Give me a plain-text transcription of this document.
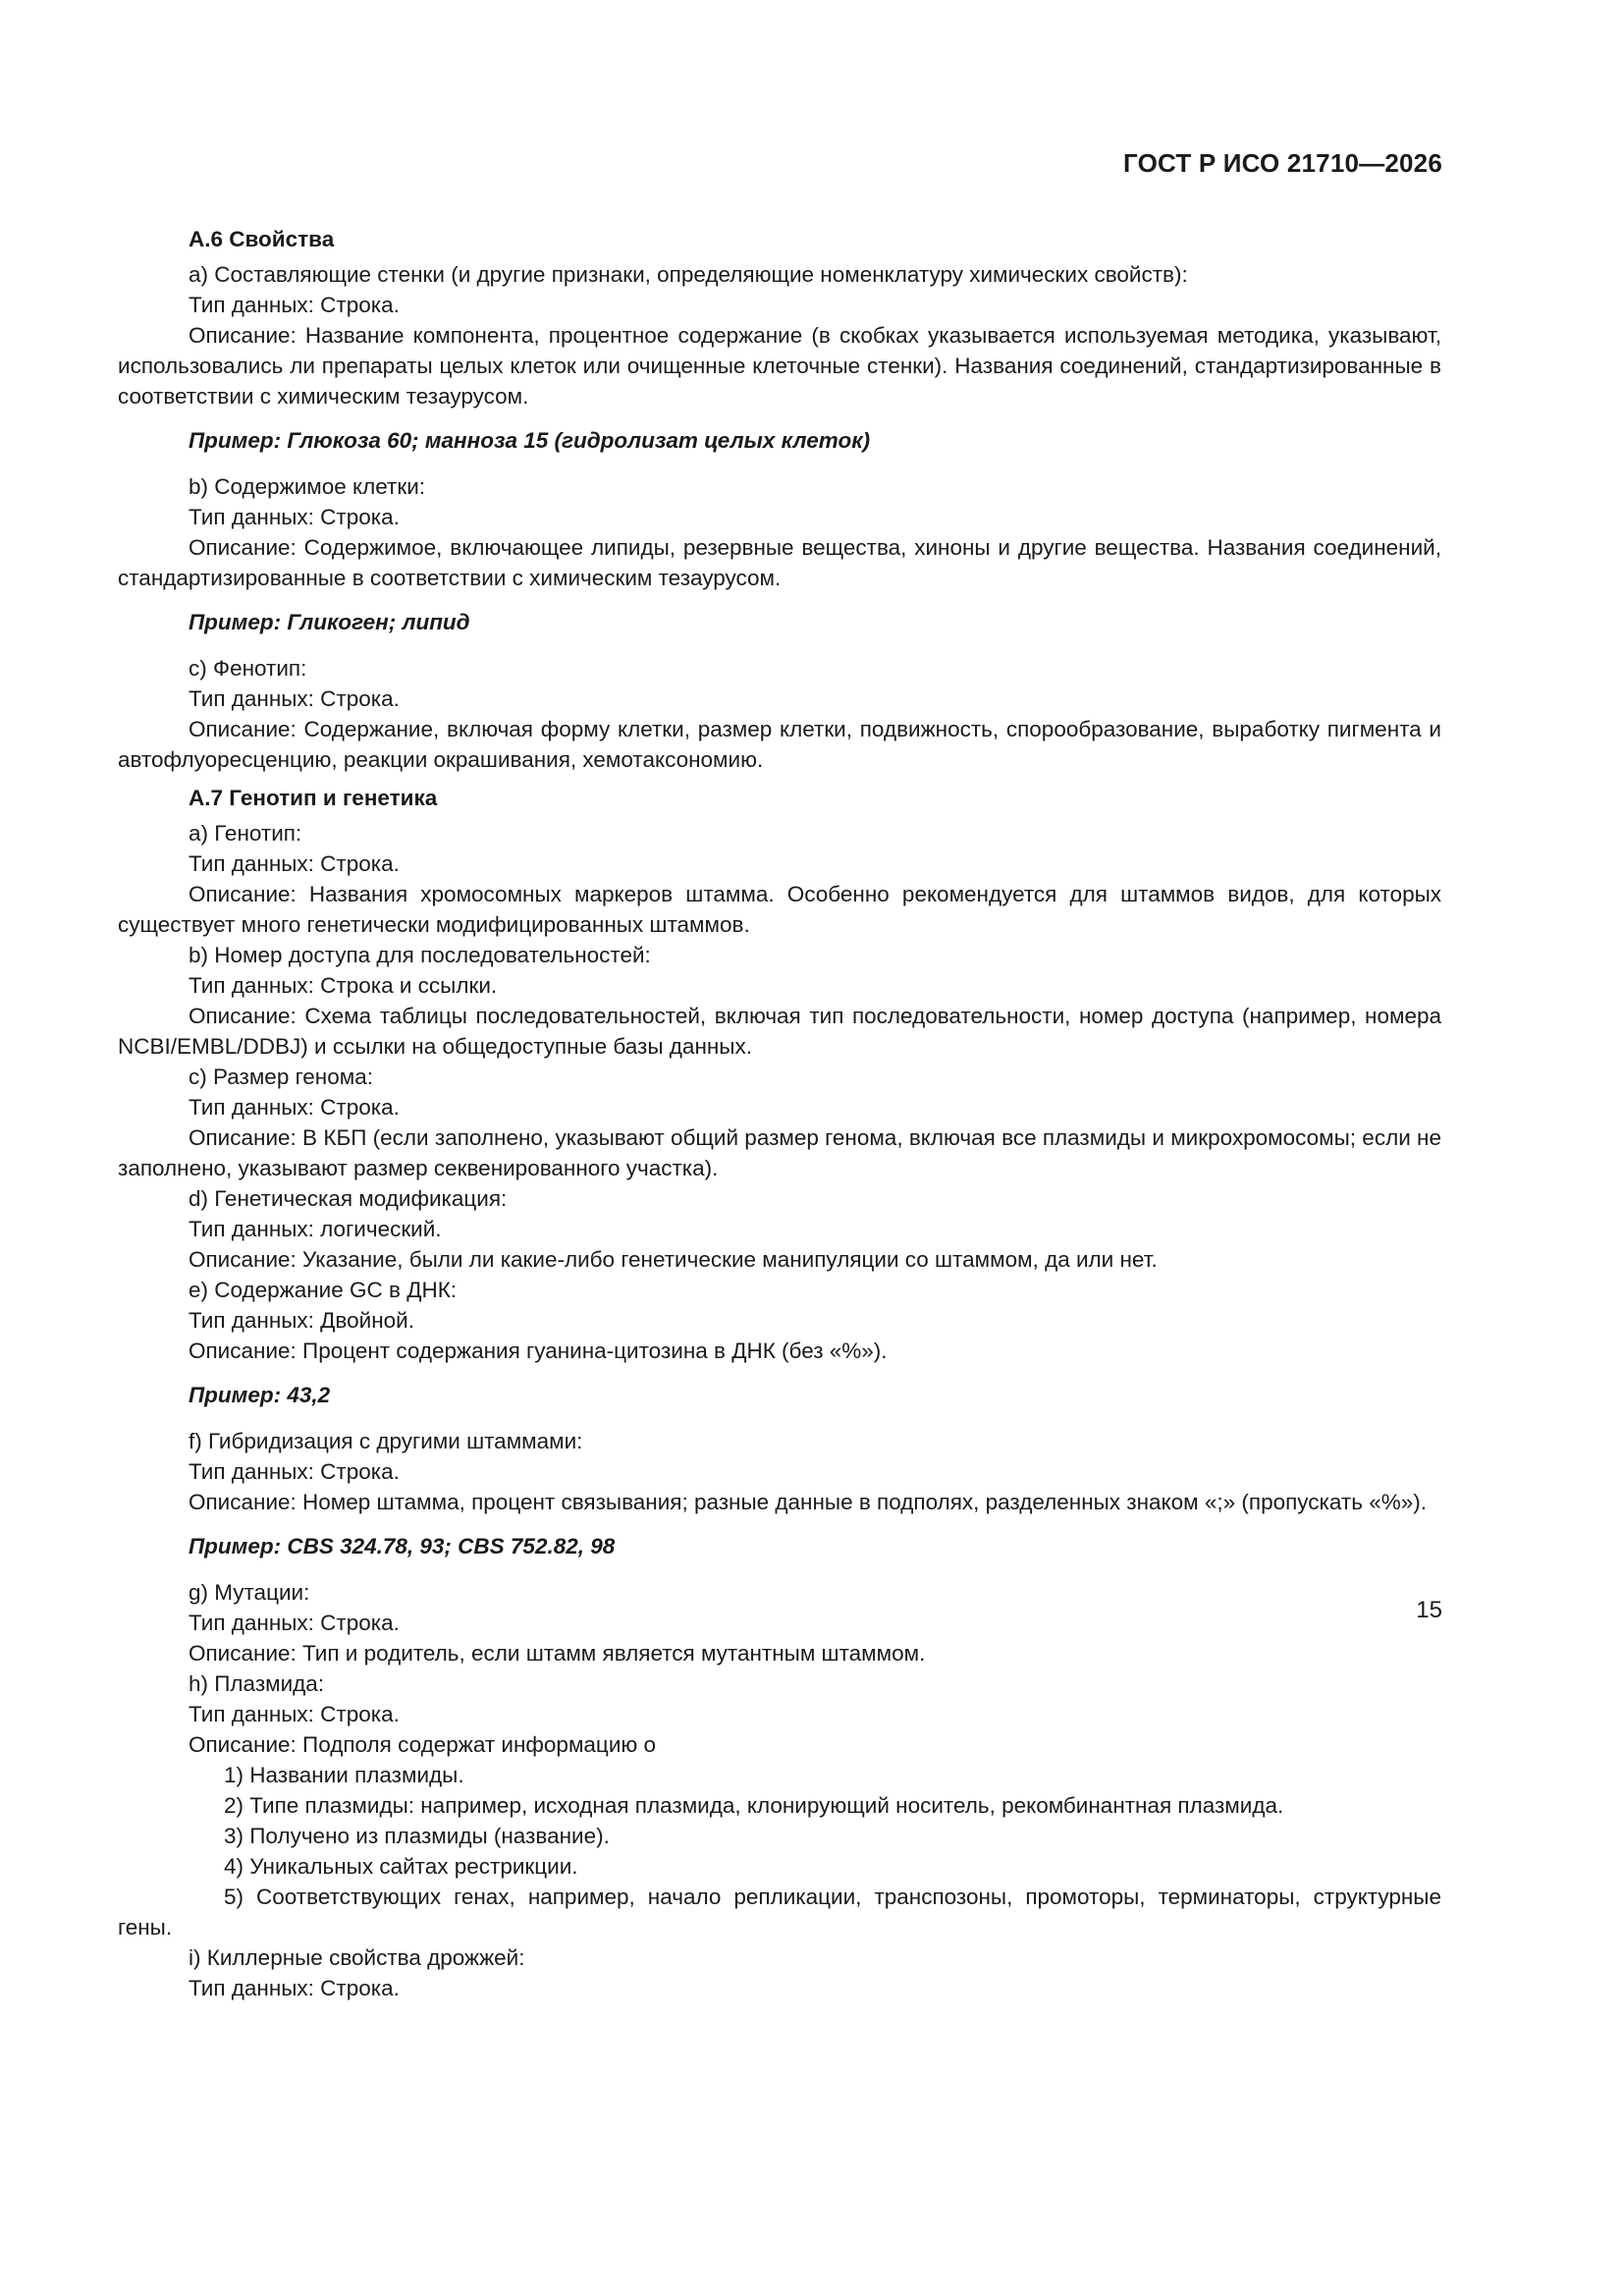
ГОСТ Р ИСО 21710—2026

А.6 Свойства

а) Составляющие стенки (и другие признаки, определяющие номенклатуру химических свойств):

Тип данных: Строка.

Описание: Название компонента, процентное содержание (в скобках указывается используемая методика, указывают, использовались ли препараты целых клеток или очищенные клеточные стенки). Названия соединений, стандартизированные в соответствии с химическим тезаурусом.

Пример: Глюкоза 60; манноза 15 (гидролизат целых клеток)

b) Содержимое клетки:

Тип данных: Строка.

Описание: Содержимое, включающее липиды, резервные вещества, хиноны и другие вещества. Названия соединений, стандартизированные в соответствии с химическим тезаурусом.

Пример: Гликоген; липид

с) Фенотип:

Тип данных: Строка.

Описание: Содержание, включая форму клетки, размер клетки, подвижность, спорообразование, выработку пигмента и автофлуоресценцию, реакции окрашивания, хемотаксономию.

А.7 Генотип и генетика

а) Генотип:

Тип данных: Строка.

Описание: Названия хромосомных маркеров штамма. Особенно рекомендуется для штаммов видов, для которых существует много генетически модифицированных штаммов.

b) Номер доступа для последовательностей:

Тип данных: Строка и ссылки.

Описание: Схема таблицы последовательностей, включая тип последовательности, номер доступа (например, номера NCBI/EMBL/DDBJ) и ссылки на общедоступные базы данных.

с) Размер генома:

Тип данных: Строка.

Описание: В КБП (если заполнено, указывают общий размер генома, включая все плазмиды и микрохромосомы; если не заполнено, указывают размер секвенированного участка).

d) Генетическая модификация:

Тип данных: логический.

Описание: Указание, были ли какие-либо генетические манипуляции со штаммом, да или нет.

е) Содержание GC в ДНК:

Тип данных: Двойной.

Описание: Процент содержания гуанина-цитозина в ДНК (без «%»).

Пример: 43,2

f) Гибридизация с другими штаммами:

Тип данных: Строка.

Описание: Номер штамма, процент связывания; разные данные в подполях, разделенных знаком «;» (пропускать «%»).

Пример: CBS 324.78, 93; CBS 752.82, 98

g) Мутации:

Тип данных: Строка.

Описание: Тип и родитель, если штамм является мутантным штаммом.

h) Плазмида:

Тип данных: Строка.

Описание: Подполя содержат информацию о

1) Названии плазмиды.

2) Типе плазмиды: например, исходная плазмида, клонирующий носитель, рекомбинантная плазмида.

3) Получено из плазмиды (название).

4) Уникальных сайтах рестрикции.

5) Соответствующих генах, например, начало репликации, транспозоны, промоторы, терминаторы, структурные гены.

i) Киллерные свойства дрожжей:

Тип данных: Строка.

15
